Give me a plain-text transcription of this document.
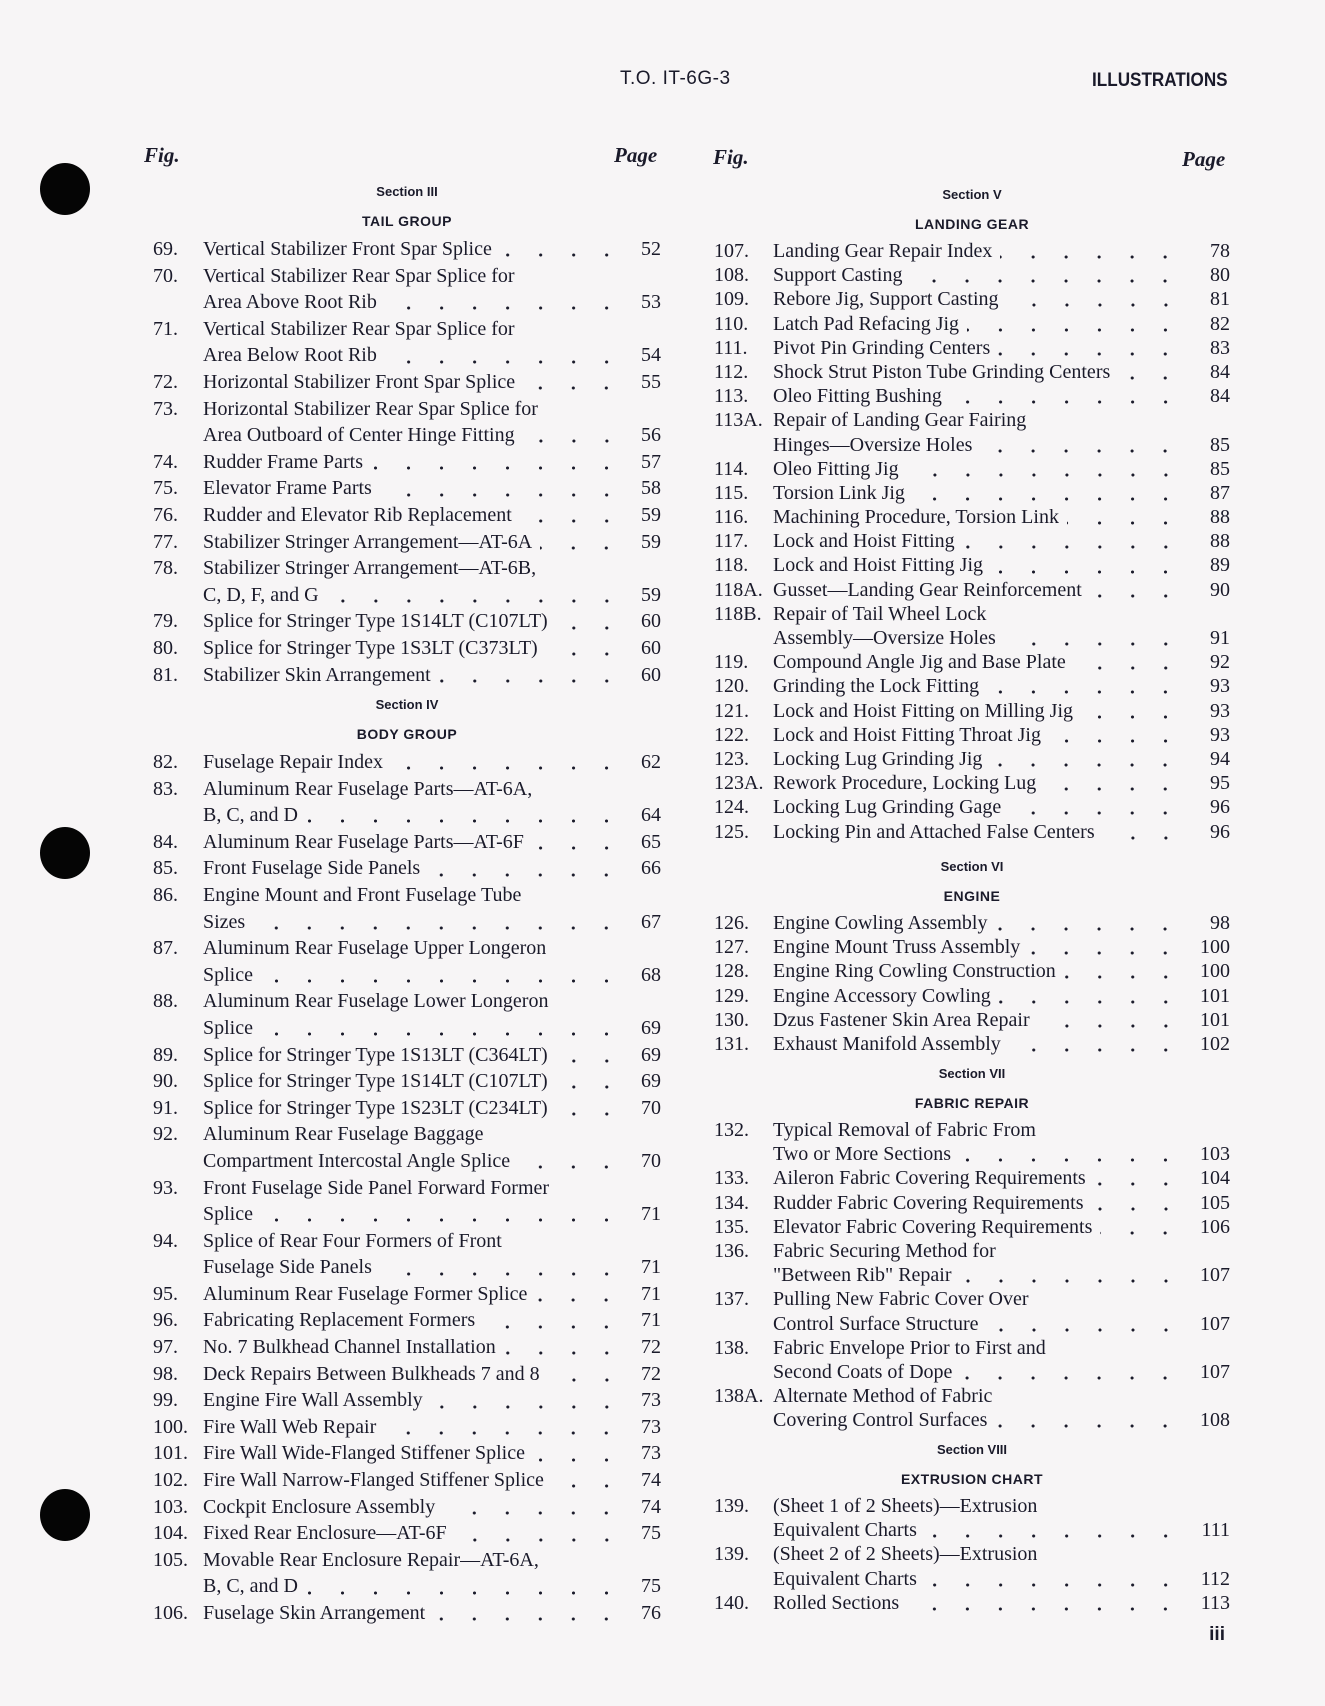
T.O. IT-6G-3	ILLUSTRATIONS
Fig.	Page	Fig.	Page
Section III
TAIL GROUP
69. Vertical Stabilizer Front Spar Splice	52
70. Vertical Stabilizer Rear Spar Splice for
Area Above Root Rib	53
71. Vertical Stabilizer Rear Spar Splice for
Area Below Root Rib	54
72. Horizontal Stabilizer Front Spar Splice	55
73. Horizontal Stabilizer Rear Spar Splice for
Area Outboard of Center Hinge Fitting	56
74. Rudder Frame Parts	57
75. Elevator Frame Parts	58
76. Rudder and Elevator Rib Replacement	59
77. Stabilizer Stringer Arrangement—AT-6A	59
78. Stabilizer Stringer Arrangement—AT-6B,
C, D, F, and G	59
79. Splice for Stringer Type 1S14LT (C107LT)	60
80. Splice for Stringer Type 1S3LT (C373LT)	60
81. Stabilizer Skin Arrangement	60
Section IV
BODY GROUP
82. Fuselage Repair Index	62
83. Aluminum Rear Fuselage Parts—AT-6A,
B, C, and D	64
84. Aluminum Rear Fuselage Parts—AT-6F	65
85. Front Fuselage Side Panels	66
86. Engine Mount and Front Fuselage Tube
Sizes	67
87. Aluminum Rear Fuselage Upper Longeron
Splice	68
88. Aluminum Rear Fuselage Lower Longeron
Splice	69
89. Splice for Stringer Type 1S13LT (C364LT)	69
90. Splice for Stringer Type 1S14LT (C107LT)	69
91. Splice for Stringer Type 1S23LT (C234LT)	70
92. Aluminum Rear Fuselage Baggage
Compartment Intercostal Angle Splice	70
93. Front Fuselage Side Panel Forward Former
Splice	71
94. Splice of Rear Four Formers of Front
Fuselage Side Panels	71
95. Aluminum Rear Fuselage Former Splice	71
96. Fabricating Replacement Formers	71
97. No. 7 Bulkhead Channel Installation	72
98. Deck Repairs Between Bulkheads 7 and 8	72
99. Engine Fire Wall Assembly	73
100. Fire Wall Web Repair	73
101. Fire Wall Wide-Flanged Stiffener Splice	73
102. Fire Wall Narrow-Flanged Stiffener Splice	74
103. Cockpit Enclosure Assembly	74
104. Fixed Rear Enclosure—AT-6F	75
105. Movable Rear Enclosure Repair—AT-6A,
B, C, and D	75
106. Fuselage Skin Arrangement	76
Section V
LANDING GEAR
107. Landing Gear Repair Index	78
108. Support Casting	80
109. Rebore Jig, Support Casting	81
110. Latch Pad Refacing Jig	82
111. Pivot Pin Grinding Centers	83
112. Shock Strut Piston Tube Grinding Centers	84
113. Oleo Fitting Bushing	84
113A. Repair of Landing Gear Fairing
Hinges—Oversize Holes	85
114. Oleo Fitting Jig	85
115. Torsion Link Jig	87
116. Machining Procedure, Torsion Link	88
117. Lock and Hoist Fitting	88
118. Lock and Hoist Fitting Jig	89
118A. Gusset—Landing Gear Reinforcement	90
118B. Repair of Tail Wheel Lock
Assembly—Oversize Holes	91
119. Compound Angle Jig and Base Plate	92
120. Grinding the Lock Fitting	93
121. Lock and Hoist Fitting on Milling Jig	93
122. Lock and Hoist Fitting Throat Jig	93
123. Locking Lug Grinding Jig	94
123A. Rework Procedure, Locking Lug	95
124. Locking Lug Grinding Gage	96
125. Locking Pin and Attached False Centers	96
Section VI
ENGINE
126. Engine Cowling Assembly	98
127. Engine Mount Truss Assembly	100
128. Engine Ring Cowling Construction	100
129. Engine Accessory Cowling	101
130. Dzus Fastener Skin Area Repair	101
131. Exhaust Manifold Assembly	102
Section VII
FABRIC REPAIR
132. Typical Removal of Fabric From
Two or More Sections	103
133. Aileron Fabric Covering Requirements	104
134. Rudder Fabric Covering Requirements	105
135. Elevator Fabric Covering Requirements	106
136. Fabric Securing Method for
"Between Rib" Repair	107
137. Pulling New Fabric Cover Over
Control Surface Structure	107
138. Fabric Envelope Prior to First and
Second Coats of Dope	107
138A. Alternate Method of Fabric
Covering Control Surfaces	108
Section VIII
EXTRUSION CHART
139. (Sheet 1 of 2 Sheets)—Extrusion
Equivalent Charts	111
139. (Sheet 2 of 2 Sheets)—Extrusion
Equivalent Charts	112
140. Rolled Sections	113
iii
